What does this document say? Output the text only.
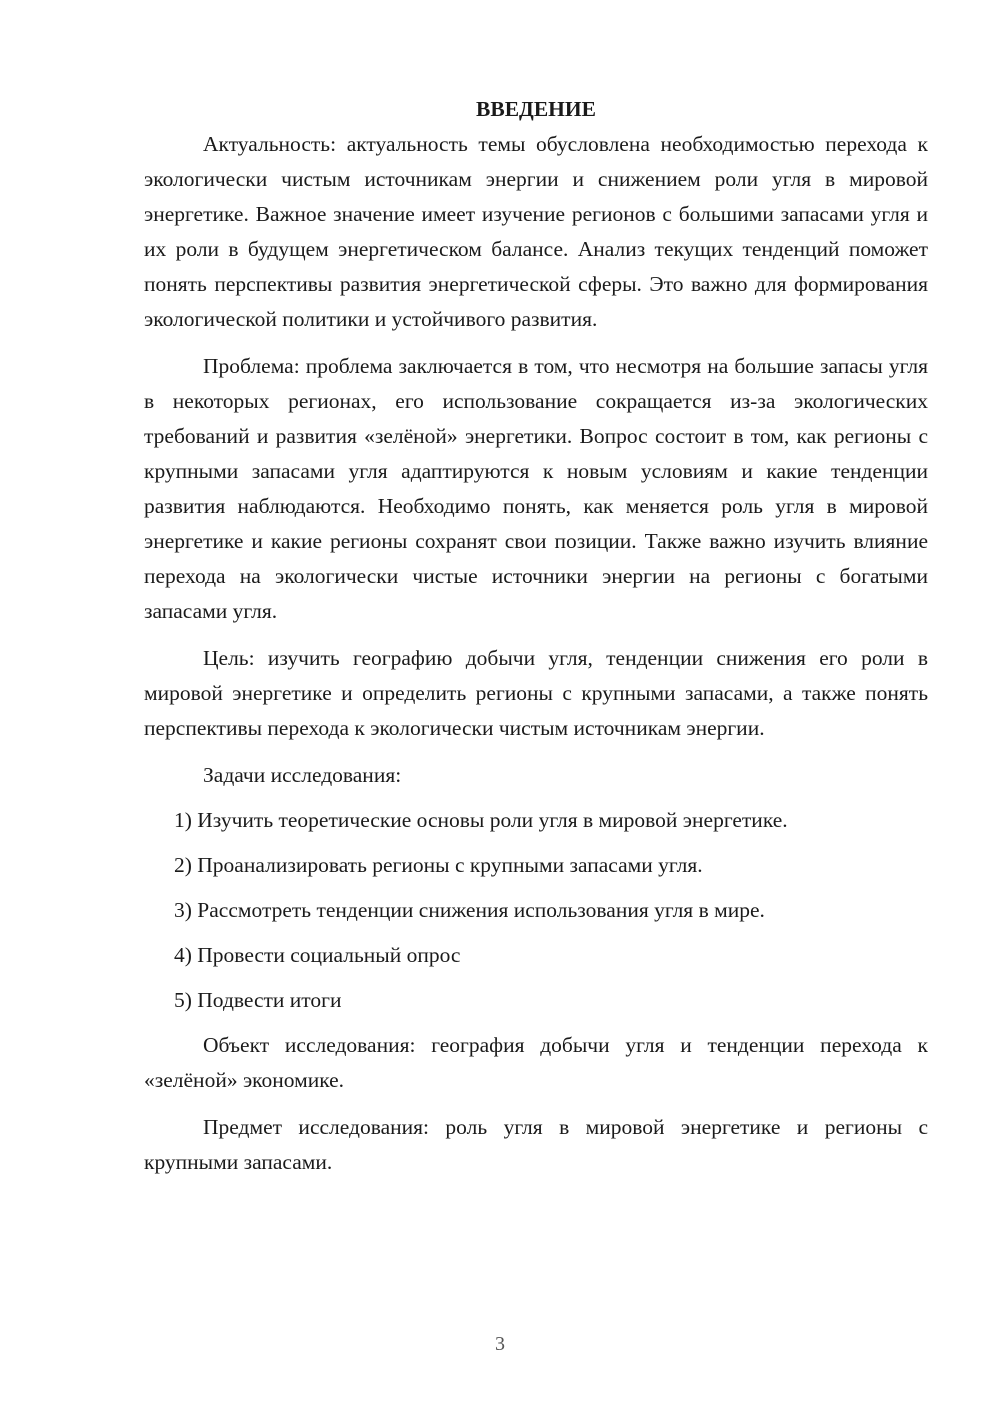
ВВЕДЕНИЕ

Актуальность: актуальность темы обусловлена необходимостью перехода к экологически чистым источникам энергии и снижением роли угля в мировой энергетике. Важное значение имеет изучение регионов с большими запасами угля и их роли в будущем энергетическом балансе. Анализ текущих тенденций поможет понять перспективы развития энергетической сферы. Это важно для формирования экологической политики и устойчивого развития.

Проблема: проблема заключается в том, что несмотря на большие запасы угля в некоторых регионах, его использование сокращается из-за экологических требований и развития «зелёной» энергетики. Вопрос состоит в том, как регионы с крупными запасами угля адаптируются к новым условиям и какие тенденции развития наблюдаются. Необходимо понять, как меняется роль угля в мировой энергетике и какие регионы сохранят свои позиции. Также важно изучить влияние перехода на экологически чистые источники энергии на регионы с богатыми запасами угля.

Цель: изучить географию добычи угля, тенденции снижения его роли в мировой энергетике и определить регионы с крупными запасами, а также понять перспективы перехода к экологически чистым источникам энергии.

Задачи исследования:

1) Изучить теоретические основы роли угля в мировой энергетике.

2) Проанализировать регионы с крупными запасами угля.

3) Рассмотреть тенденции снижения использования угля в мире.

4) Провести социальный опрос

5) Подвести итоги

Объект исследования: география добычи угля и тенденции перехода к «зелёной» экономике.

Предмет исследования: роль угля в мировой энергетике и регионы с крупными запасами.

3
